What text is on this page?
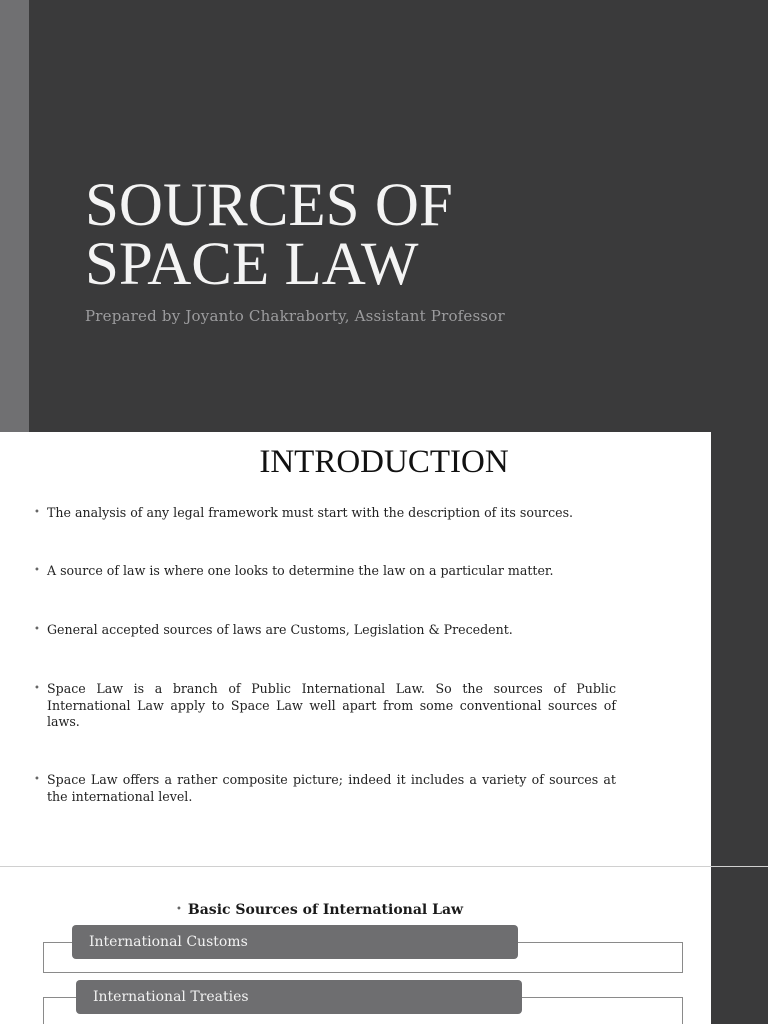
SOURCES OF
SPACE LAW
Prepared by Joyanto Chakraborty, Assistant Professor
INTRODUCTION
• The analysis of any legal framework must start with the description of its sources.
• A source of law is where one looks to determine the law on a particular matter.
• General accepted sources of laws are Customs, Legislation & Precedent.
• Space Law is a branch of Public International Law. So the sources of Public International Law apply to Space Law well apart from some conventional sources of laws.
• Space Law offers a rather composite picture; indeed it includes a variety of sources at the international level.
• Basic Sources of International Law
International Customs
International Treaties
